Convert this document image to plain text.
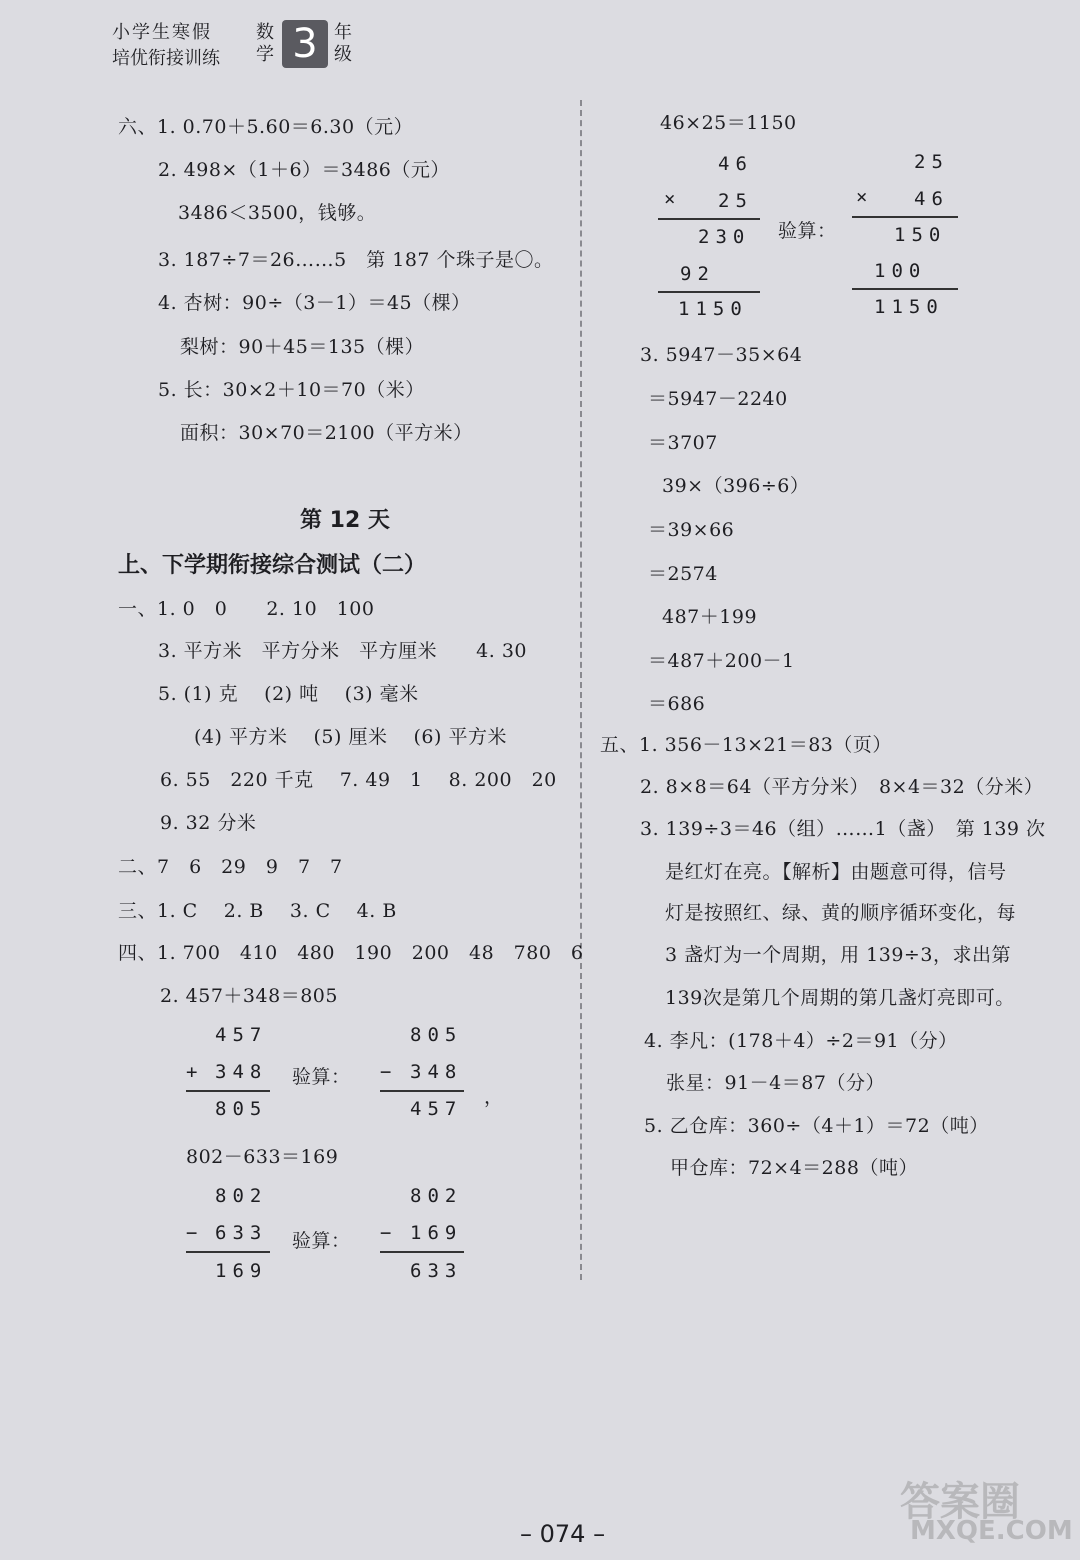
小学生寒假
培优衔接训练
数学 3 年级
六、1. 0.70＋5.60＝6.30（元）
2. 498×（1＋6）＝3486（元）
3486＜3500，钱够。
3. 187÷7＝26……5　第 187 个珠子是〇。
4. 杏树：90÷（3－1）＝45（棵）
梨树：90＋45＝135（棵）
5. 长：30×2＋10＝70（米）
面积：30×70＝2100（平方米）
第 12 天
上、下学期衔接综合测试（二）
一、1. 0　0　　2. 10　100
3. 平方米　平方分米　平方厘米　　4. 30
5. (1) 克　 (2) 吨　 (3) 毫米
(4) 平方米　 (5) 厘米　 (6) 平方米
6. 55　220 千克　 7. 49　1　 8. 200　20
9. 32 分米
二、7　6　29　9　7　7
三、1. C　 2. B　 3. C　 4. B
四、1. 700　410　480　190　200　48　780　6
2. 457＋348＝805
457
+ 348
805
验算：
805
− 348
457
，
802－633＝169
802
− 633
169
验算：
802
− 169
633
46×25＝1150
46
× 25
230
92
1150
验算：
25
× 46
150
100
1150
3. 5947－35×64
＝5947－2240
＝3707
39×（396÷6）
＝39×66
＝2574
487＋199
＝487＋200－1
＝686
五、1. 356－13×21＝83（页）
2. 8×8＝64（平方分米）　8×4＝32（分米）
3. 139÷3＝46（组）……1（盏）　第 139 次
是红灯在亮。【解析】由题意可得，信号
灯是按照红、绿、黄的顺序循环变化，每
3 盏灯为一个周期，用 139÷3，求出第
139次是第几个周期的第几盏灯亮即可。
4. 李凡：(178＋4）÷2＝91（分）
张星：91－4＝87（分）
5. 乙仓库：360÷（4＋1）＝72（吨）
甲仓库：72×4＝288（吨）
– 074 –
答案圈
MXQE.COM
